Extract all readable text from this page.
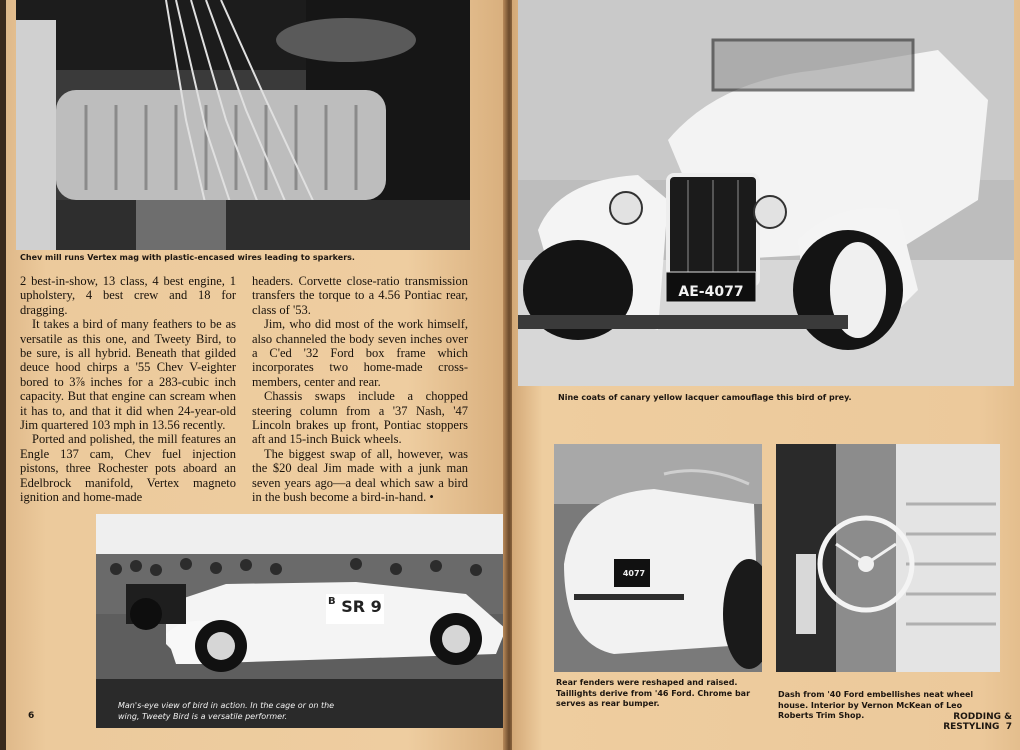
Chev mill runs Vertex mag with plastic-encased wires leading to sparkers.

2 best-in-show, 13 class, 4 best engine, 1 upholstery, 4 best crew and 18 for dragging.

It takes a bird of many feathers to be as versatile as this one, and Tweety Bird, to be sure, is all hybrid. Beneath that gilded deuce hood chirps a '55 Chev V-eighter bored to 3⅞ inches for a 283-cubic inch capacity. But that engine can scream when it has to, and that it did when 24-year-old Jim quartered 103 mph in 13.56 recently.

Ported and polished, the mill features an Engle 137 cam, Chev fuel injection pistons, three Rochester pots aboard an Edelbrock manifold, Vertex magneto ignition and home-made

headers. Corvette close-ratio transmission transfers the torque to a 4.56 Pontiac rear, class of '53.

Jim, who did most of the work himself, also channeled the body seven inches over a C'ed '32 Ford box frame which incorporates two home-made cross-members, center and rear.

Chassis swaps include a chopped steering column from a '37 Nash, '47 Lincoln brakes up front, Pontiac stoppers aft and 15-inch Buick wheels.

The biggest swap of all, however, was the $20 deal Jim made with a junk man seven years ago—a deal which saw a bird in the bush become a bird-in-hand. •

$^B$ SR 9
Man's-eye view of bird in action. In the cage or on the wing, Tweety Bird is a versatile performer.
6
AE-4077
Nine coats of canary yellow lacquer camouflage this bird of prey.
4077
Rear fenders were reshaped and raised. Taillights derive from '46 Ford. Chrome bar serves as rear bumper.
Dash from '40 Ford embellishes neat wheel house. Interior by Vernon McKean of Leo Roberts Trim Shop.	RODDING & RESTYLING 7
